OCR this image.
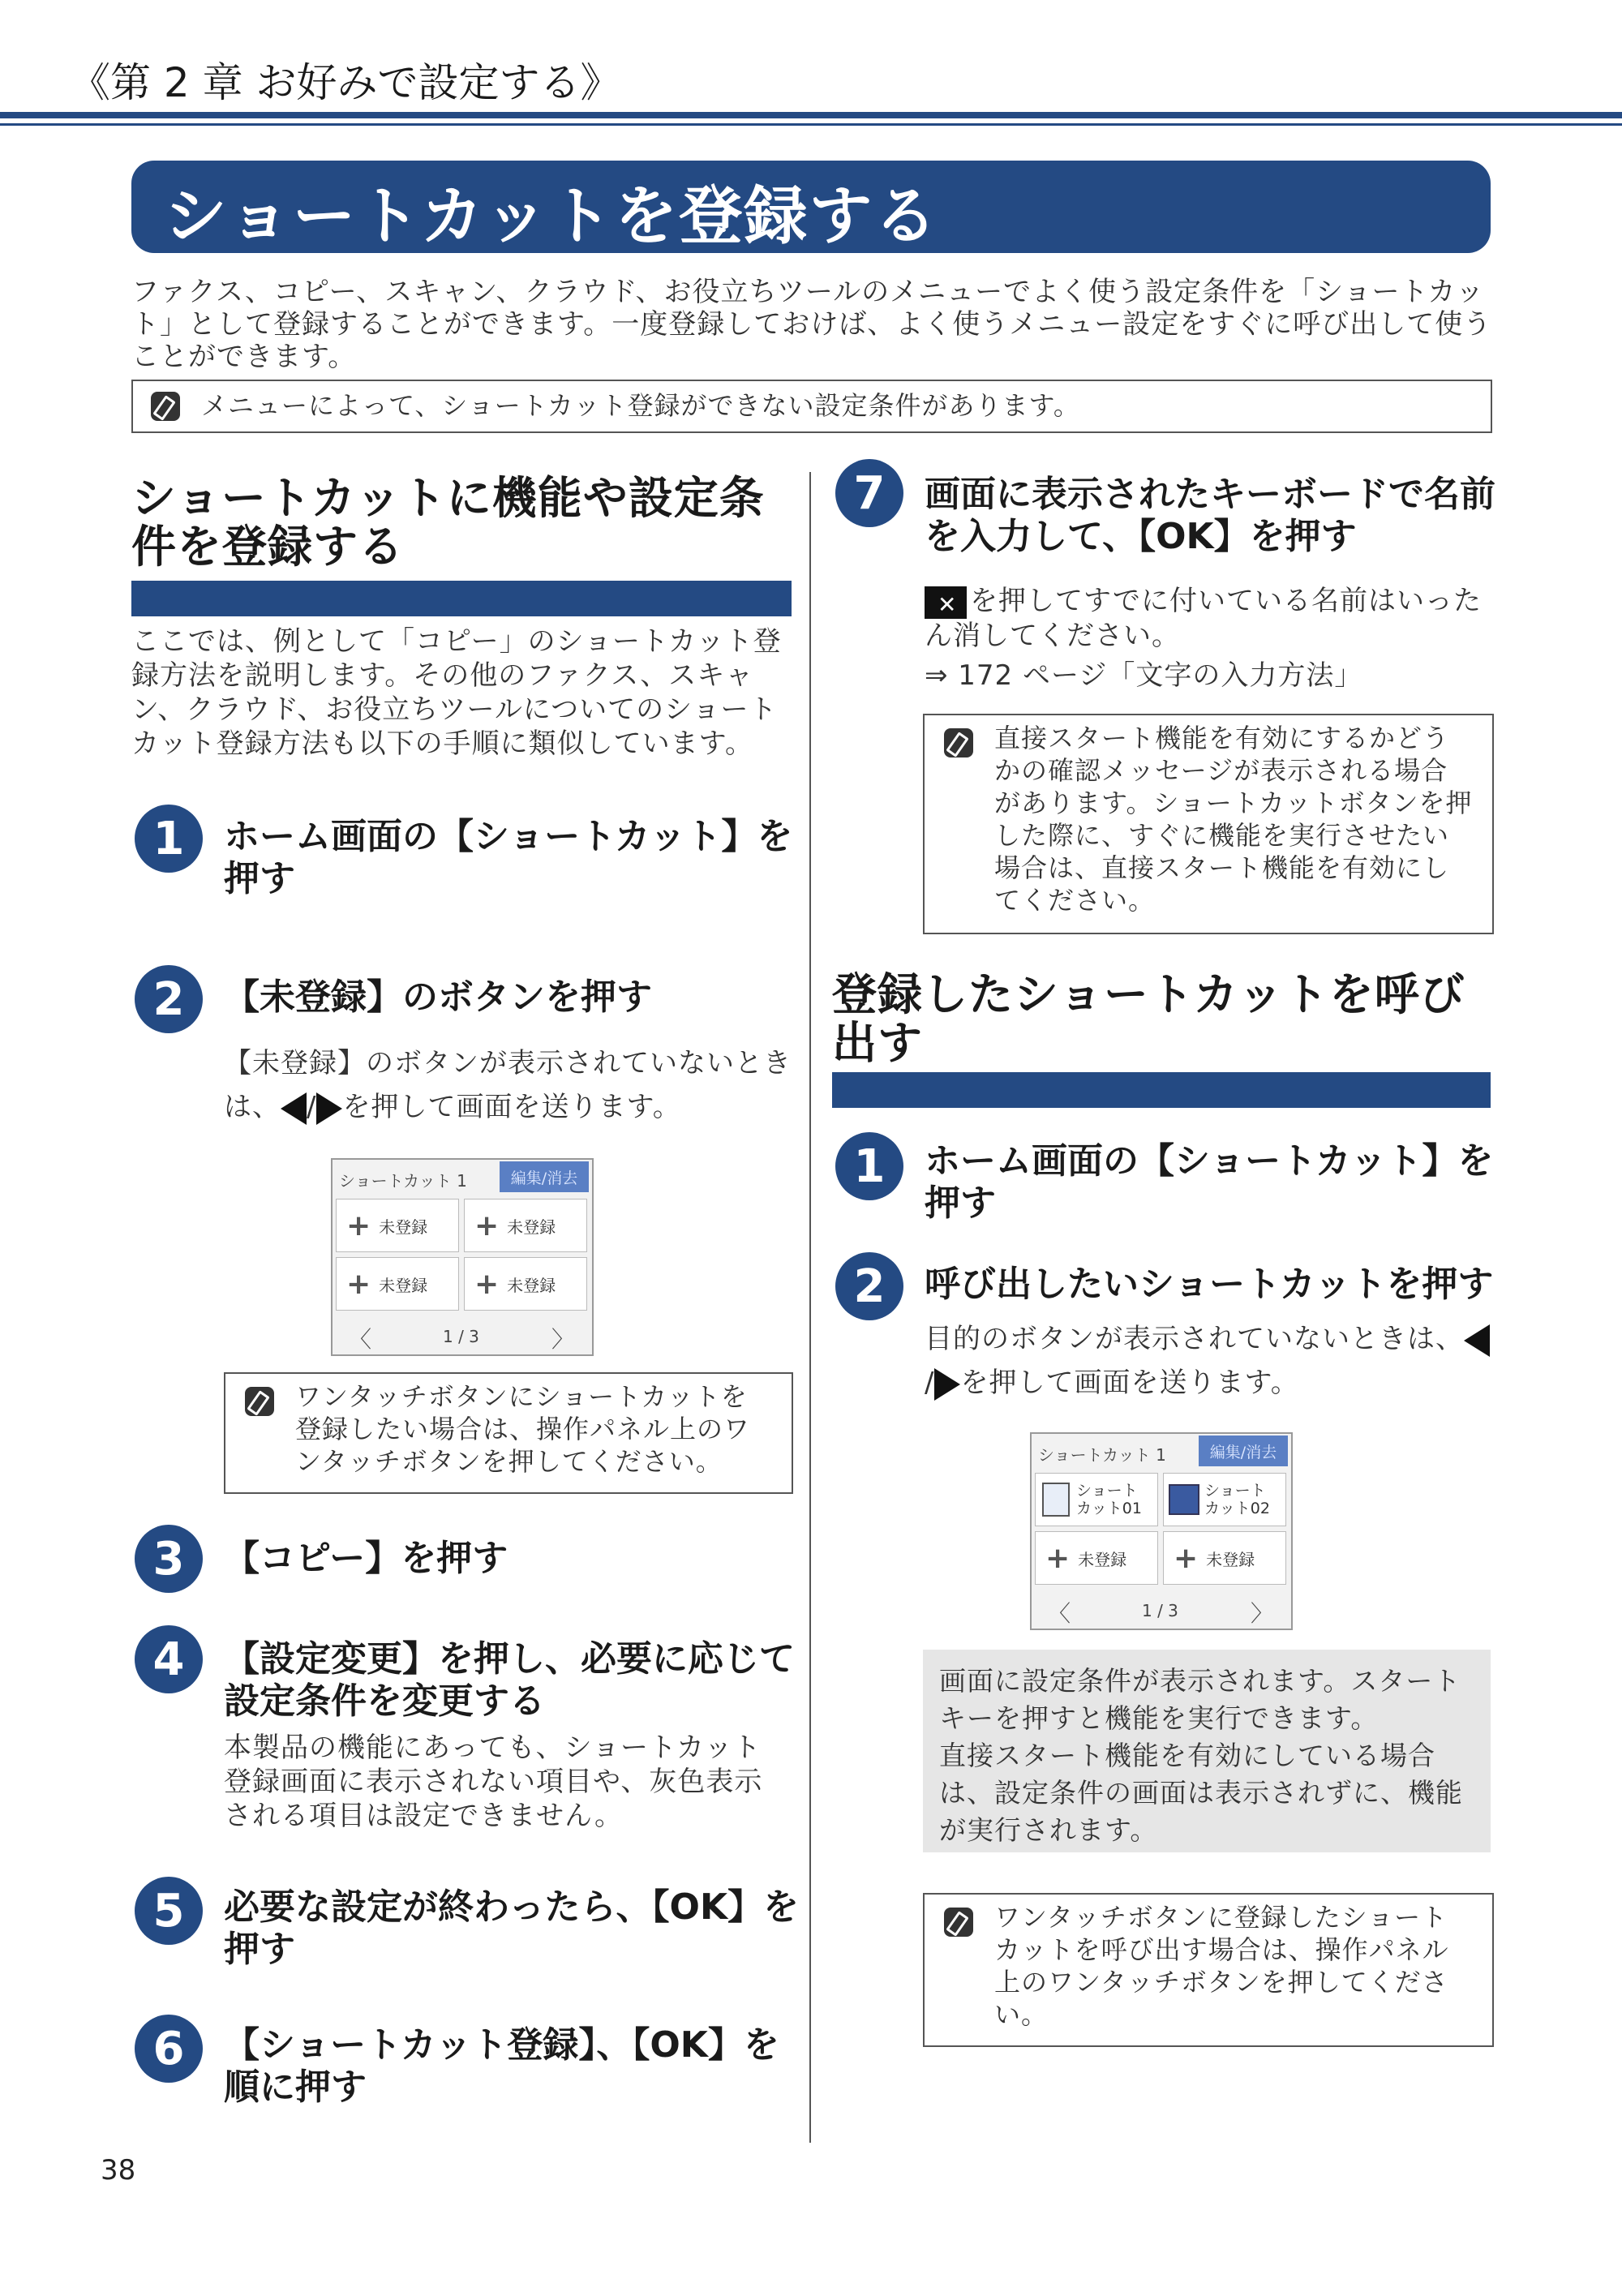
《第 2 章 お好みで設定する》
ショートカットを登録する
ファクス、コピー、スキャン、クラウド、お役立ちツールのメニューでよく使う設定条件を「ショートカット」として登録することができます。一度登録しておけば、よく使うメニュー設定をすぐに呼び出して使うことができます。
メニューによって、ショートカット登録ができない設定条件があります。
ショートカットに機能や設定条件を登録する
ここでは、例として「コピー」のショートカット登録方法を説明します。その他のファクス、スキャン、クラウド、お役立ちツールについてのショートカット登録方法も以下の手順に類似しています。
1	ホーム画面の【ショートカット】を押す
2	【未登録】のボタンを押す
【未登録】のボタンが表示されていないときは、 / を押して画面を送ります。
ショートカット 1	編集/消去
+ 未登録 + 未登録
+ 未登録 + 未登録
〈	1 / 3	〉
ワンタッチボタンにショートカットを登録したい場合は、操作パネル上のワンタッチボタンを押してください。
3	【コピー】を押す
4	【設定変更】を押し、必要に応じて設定条件を変更する
本製品の機能にあっても、ショートカット登録画面に表示されない項目や、灰色表示される項目は設定できません。
5	必要な設定が終わったら、【OK】を押す
6	【ショートカット登録】、【OK】を順に押す
7	画面に表示されたキーボードで名前を入力して、【OK】を押す
✕を押してすでに付いている名前はいったん消してください。
⇒ 172 ページ「文字の入力方法」
直接スタート機能を有効にするかどうかの確認メッセージが表示される場合があります。ショートカットボタンを押した際に、すぐに機能を実行させたい場合は、直接スタート機能を有効にしてください。
登録したショートカットを呼び出す
1	ホーム画面の【ショートカット】を押す
2	呼び出したいショートカットを押す
目的のボタンが表示されていないときは、/ を押して画面を送ります。
ショートカット 1	編集/消去
ショート
カット01
ショート
カット02
+ 未登録 + 未登録
〈	1 / 3	〉
画面に設定条件が表示されます。スタートキーを押すと機能を実行できます。
直接スタート機能を有効にしている場合は、設定条件の画面は表示されずに、機能が実行されます。
ワンタッチボタンに登録したショートカットを呼び出す場合は、操作パネル上のワンタッチボタンを押してください。
38
